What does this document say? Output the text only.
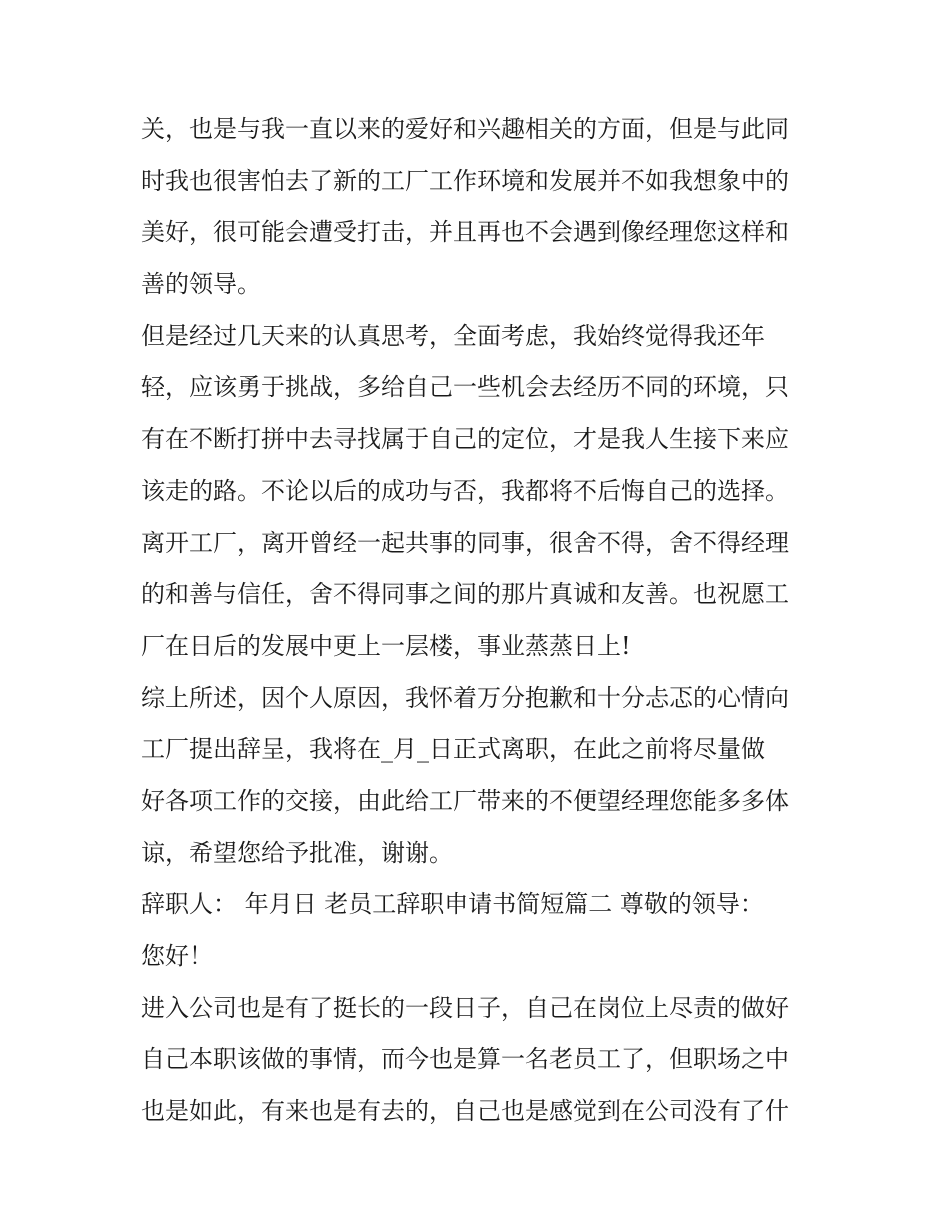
关，也是与我一直以来的爱好和兴趣相关的方面，但是与此同
时我也很害怕去了新的工厂工作环境和发展并不如我想象中的
美好，很可能会遭受打击，并且再也不会遇到像经理您这样和
善的领导。
但是经过几天来的认真思考，全面考虑，我始终觉得我还年
轻，应该勇于挑战，多给自己一些机会去经历不同的环境，只
有在不断打拼中去寻找属于自己的定位，才是我人生接下来应
该走的路。不论以后的成功与否，我都将不后悔自己的选择。
离开工厂，离开曾经一起共事的同事，很舍不得，舍不得经理
的和善与信任，舍不得同事之间的那片真诚和友善。也祝愿工
厂在日后的发展中更上一层楼，事业蒸蒸日上!
综上所述，因个人原因，我怀着万分抱歉和十分忐忑的心情向
工厂提出辞呈，我将在_月_日正式离职，在此之前将尽量做
好各项工作的交接，由此给工厂带来的不便望经理您能多多体
谅，希望您给予批准，谢谢。
辞职人： 年月日 老员工辞职申请书简短篇二 尊敬的领导：
您好！
进入公司也是有了挺长的一段日子，自己在岗位上尽责的做好
自己本职该做的事情，而今也是算一名老员工了，但职场之中
也是如此，有来也是有去的，自己也是感觉到在公司没有了什
